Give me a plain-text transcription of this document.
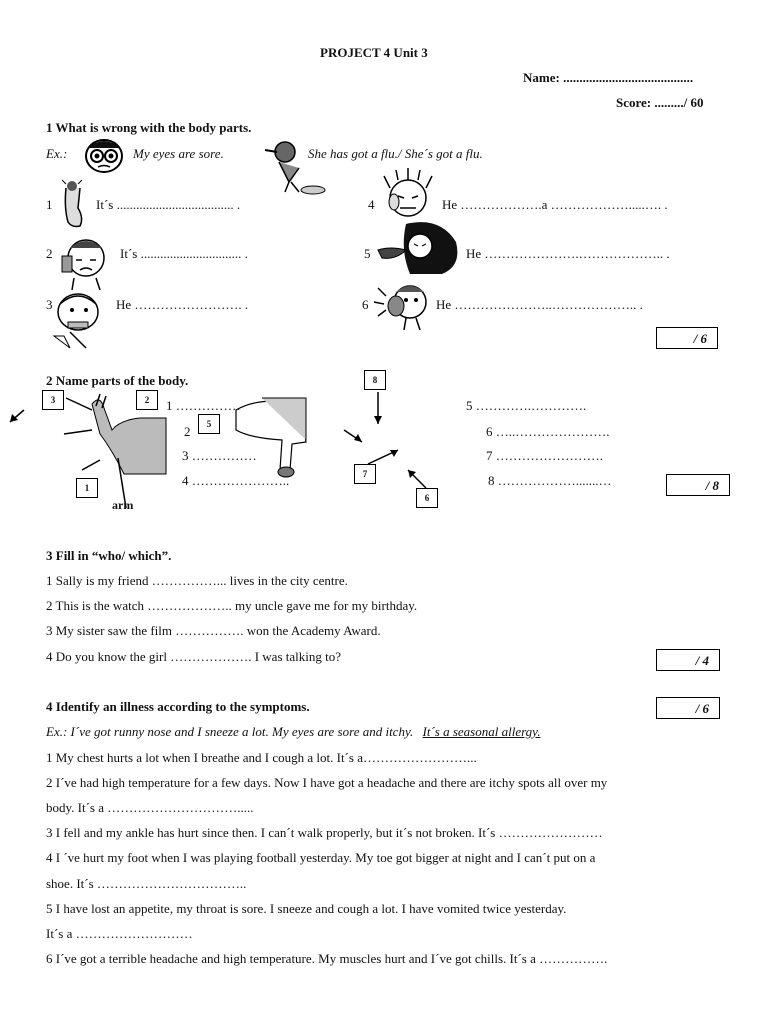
PROJECT 4 Unit 3
Name: ........................................
Score: ........./ 60
1 What is wrong with the body parts.
Ex.:	My eyes are sore.	She has got a flu./ She´s got a flu.
1	It´s .................................... .
2	It´s ............................... .
3	He ……………………. .
4	He ……………….a ……………….....…. .
5	He ………………….……………….. .
6	He …………………..……………….. .
/ 6
2 Name parts of the body.
3	2
5
1
8
7
6
arm
1 ……………
2
3 ……………
4 …………………..
5 ………….………….
6 …..………………….
7 …………………….
8 ……………….......…	/ 8
3 Fill in “who/ which”.
1 Sally is my friend ……………... lives in the city centre.
2 This is the watch ……………….. my uncle gave me for my birthday.
3 My sister saw the film ……………. won the Academy Award.
4 Do you know the girl ………………. I was talking to?	/ 4
4 Identify an illness according to the symptoms.	/ 6
Ex.: I´ve got runny nose and I sneeze a lot. My eyes are sore and itchy. It´s a seasonal allergy.
1 My chest hurts a lot when I breathe and I cough a lot. It´s a……………………...
2 I´ve had high temperature for a few days. Now I have got a headache and there are itchy spots all over my
body. It´s a ………………………….....
3 I fell and my ankle has hurt since then. I can´t walk properly, but it´s not broken. It´s ……………………
4 I ´ve hurt my foot when I was playing football yesterday. My toe got bigger at night and I can´t put on a
shoe. It´s ……………………………..
5 I have lost an appetite, my throat is sore. I sneeze and cough a lot. I have vomited twice yesterday.
It´s a ………………………
6 I´ve got a terrible headache and high temperature. My muscles hurt and I´ve got chills. It´s a …………….
